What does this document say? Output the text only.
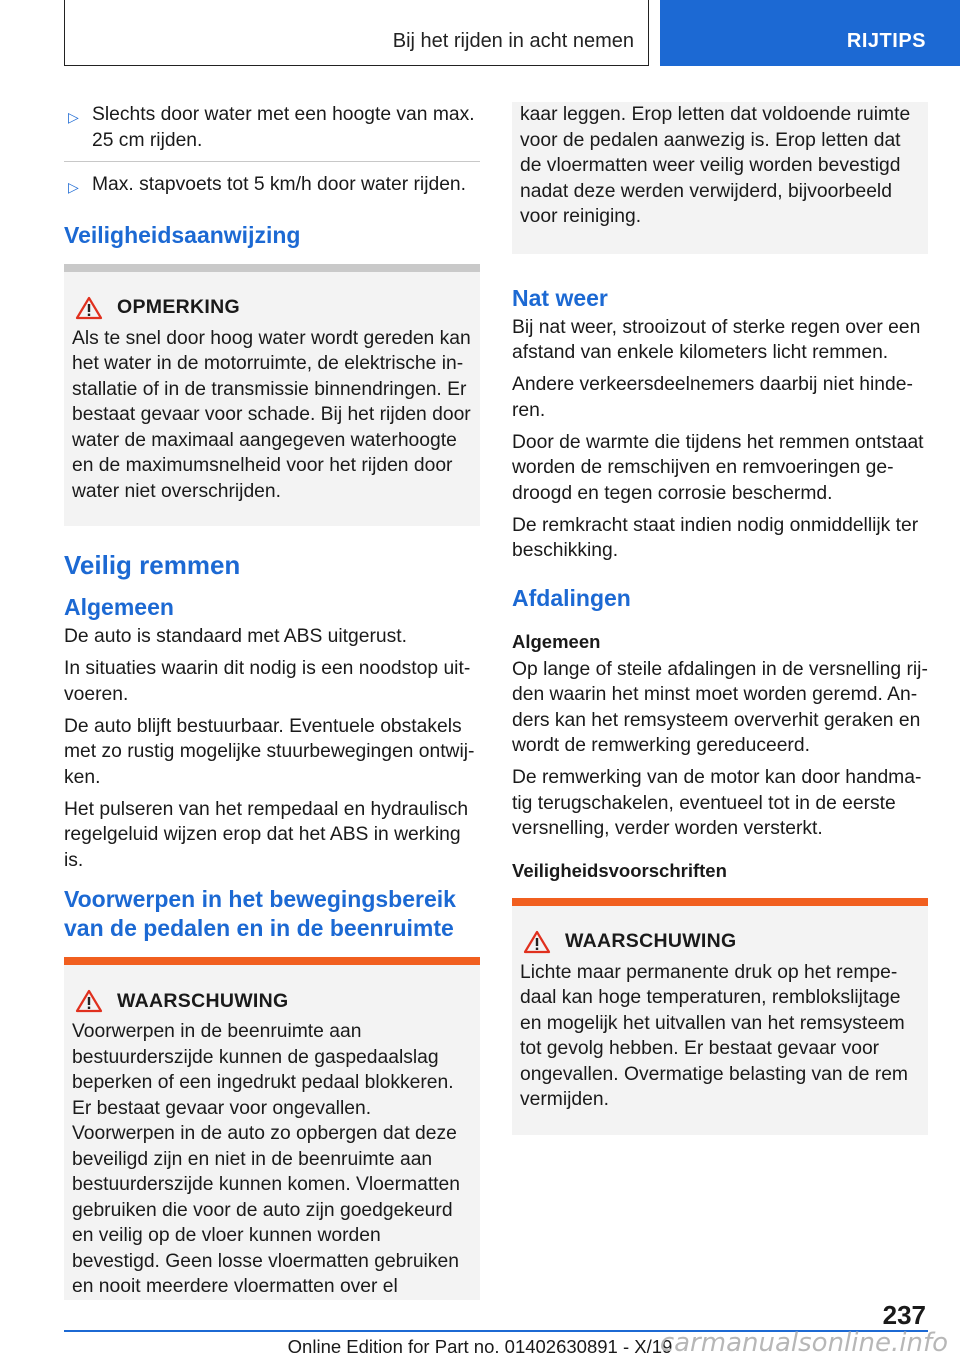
Bij het rijden in acht nemen	RIJTIPS
▷ Slechts door water met een hoogte van max. 25 cm rijden.
▷ Max. stapvoets tot 5 km/h door water rijden.
Veiligheidsaanwijzing
OPMERKING

Als te snel door hoog water wordt gereden kan het water in de motorruimte, de elektrische installatie of in de transmissie binnendringen. Er bestaat gevaar voor schade. Bij het rijden door water de maximaal aangegeven waterhoogte en de maximumsnelheid voor het rijden door water niet overschrijden.

Veilig remmen
Algemeen

De auto is standaard met ABS uitgerust.

In situaties waarin dit nodig is een noodstop uitvoeren.

De auto blijft bestuurbaar. Eventuele obstakels met zo rustig mogelijke stuurbewegingen ontwijken.

Het pulseren van het rempedaal en hydraulisch regelgeluid wijzen erop dat het ABS in werking is.

Voorwerpen in het bewegingsbereik van de pedalen en in de beenruimte
WAARSCHUWING

Voorwerpen in de beenruimte aan bestuurderszijde kunnen de gaspedaalslag beperken of een ingedrukt pedaal blokkeren. Er bestaat gevaar voor ongevallen. Voorwerpen in de auto zo opbergen dat deze beveiligd zijn en niet in de beenruimte aan bestuurderszijde kunnen komen. Vloermatten gebruiken die voor de auto zijn goedgekeurd en veilig op de vloer kunnen worden bevestigd. Geen losse vloermatten gebruiken en nooit meerdere vloermatten over el

kaar leggen. Erop letten dat voldoende ruimte voor de pedalen aanwezig is. Erop letten dat de vloermatten weer veilig worden bevestigd nadat deze werden verwijderd, bijvoorbeeld voor reiniging.

Nat weer

Bij nat weer, strooizout of sterke regen over een afstand van enkele kilometers licht remmen.

Andere verkeersdeelnemers daarbij niet hinderen.

Door de warmte die tijdens het remmen ontstaat worden de remschijven en remvoeringen gedroogd en tegen corrosie beschermd.

De remkracht staat indien nodig onmiddellijk ter beschikking.

Afdalingen
Algemeen

Op lange of steile afdalingen in de versnelling rijden waarin het minst moet worden geremd. Anders kan het remsysteem oververhit geraken en wordt de remwerking gereduceerd.

De remwerking van de motor kan door handmatig terugschakelen, eventueel tot in de eerste versnelling, verder worden versterkt.

Veiligheidsvoorschriften
WAARSCHUWING

Lichte maar permanente druk op het rempedaal kan hoge temperaturen, remblokslijtage en mogelijk het uitvallen van het remsysteem tot gevolg hebben. Er bestaat gevaar voor ongevallen. Overmatige belasting van de rem vermijden.

237
Online Edition for Part no. 01402630891 - X/19
carmanualsonline.info
